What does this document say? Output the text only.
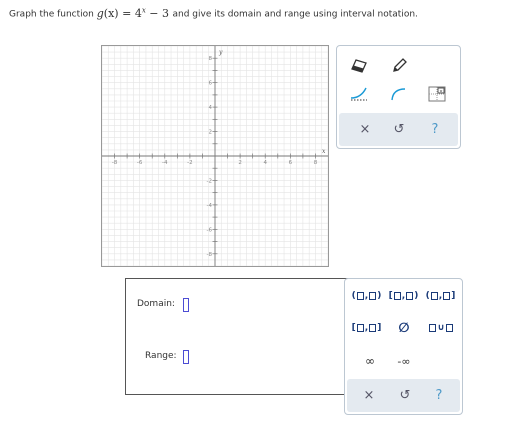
Graph the function $g(x) = 4^x - 3$ and give its domain and range using interval notation.
-8	-6	-4	-2	2	4	6	8
8
6
4
2
-2
-4
-6
-8
x
y
×
× ↺ ?
Domain:
Range:
( , ) [ , ) ( , ]
[ , ] ∅	∪
∞ -∞
× ↺ ?
